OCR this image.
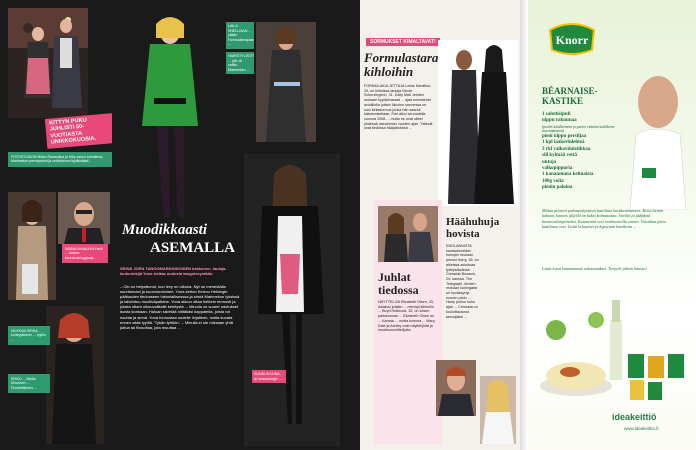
KITTYN PUKU JUHLISTI 50-VUOTIASTA UNIKKOKUOSIA.
FOTOSTUDION Mikko Ramsukka ja Kitty-vaimo kohottivat... Marimekon peruspainot ja unikkokuosi tyylikkäästi ...
NÄÄMUUNAAJAN Heidi ... hoidon kauneusbloggaaja ...
HILKKAN SIRKA ... kuningattaren ... tyyliin ...
SISKO ... Minttu Muurinen ... Fluortinttinens ...
LAILA SNELLMAN ... yllään Formulaterapian ...
HAIRSTYLISTIT ... ylle oli valittu Marimekko ...
Muodikkaasti
ASEMALLA
SEINÄ JOEN TANGOMARKKINOIDEN kakkonen, laulaja-lauluntekijä Yona toittaa uudesta tangolevystään.
– Olo on helpottunut, kun levy on ulkona. Nyt on menestään suuritumani ja kuunmuotoinen. Yona kertoo Kerrou Helsingin päätuuden tiedosseen historiallisesssa ja sinnä Marimekon lyksissä ja talvehtuu muotiväpattahe. Yona akkoo ottaa hetkein rennosti ja jotaka ottam ulkouvalikalle kehitystä. – Minulla on suuret odotukset isosta konkaan. Haluan sävelää niittäkäsi kappaleita, joista voi nsuhta ja sinnä. Yona funnustaa uudelle linjalleen, molta kuvata ennen sääs tyylilä. 'Tykän tyttöön.' – Minulla ei ole miksaan yhtä juttua tai filosofiaa, jota muuttaa ...
SUNNUNTAINA ... ja hiussalongin ...
SORMUKSET KIMALTAVAT!
Formulastara
kihloihin
FORMULAKULJETTAJA Lewis Hamilton, 25, on kihloissa laulaja Nicole Scherzingerin, 31. Daily Mail -lehden mukaan kyytiviivasaat ... ajaa kuinmiehet avioliitolla jottain Nicolen sormessa on uusi kihlasormus jonka hän saanut kätuismiseltaan. Pari alkoi seurustella vuonna 2008 ... mutta he ovat olleet yhdessä useamman vuoden ajan. Ystävät ovat tiedossa hääpäivänsä ...
Juhlat
tiedossa
NÄYTTELIJÄ Elizabeth Olsen, 25, lokakuu jotakin ... mennyt kihloihin ... Boyd Holbrook, 32, on toisen pariskunnan ... Elizabeth Olsen on ... Kamaa ... mutta kumma ... Mary-Kate ja Ashley ovat näyttelijöitä ja muotisuunnittelijoita.
Häähuhuja
hovista
ENGLANNISTA kantautuneiden huhujen mukaan prinssi Harry, 26, on aikeissa avioituaa tyttöystävänsä Cressida Bonasin, 24, kanssa. The Telegraph -lehden mukaan kuningatar on hyväksynyt nuoren parin ... Harry puhuu koko ajan ... Cressida on kouluttautunut tanssijaksi ...
Knorr
BÉARNAISE-
KASTIKE
1 salottisipuli
nippu rakuunaa
(paolet kattilkeneen ja paolet valmiin kattilkeen muontaminen)
pieni nippu persiljaa
1 kpl laakerinlehteä
3 rkl valkoviinietikkaa
sill kylmää vettä
untuja
valkopippuria
1 kananmuna keltuaista
100g voita
pienin paloina
Mittaa pieneen paksupohjaiseen kattilaan kastikeainaineet. Keitä liemiä kokoon, kunnes jäljellä on kaksi kolmasosaa. Siivilöi ja jäähdytä huoneenlämpöiseksi. Kuumenna vesi vesihauteella varten. Voisulata pieni kattilassa vesi. Lisää keltuaiset ja kypsennä kastiketta ...
Lisää loput kananmunat rakuunaukset. Tarjoile pihvin kanssa!
ideakeittiö
www.ideakeittio.fi
